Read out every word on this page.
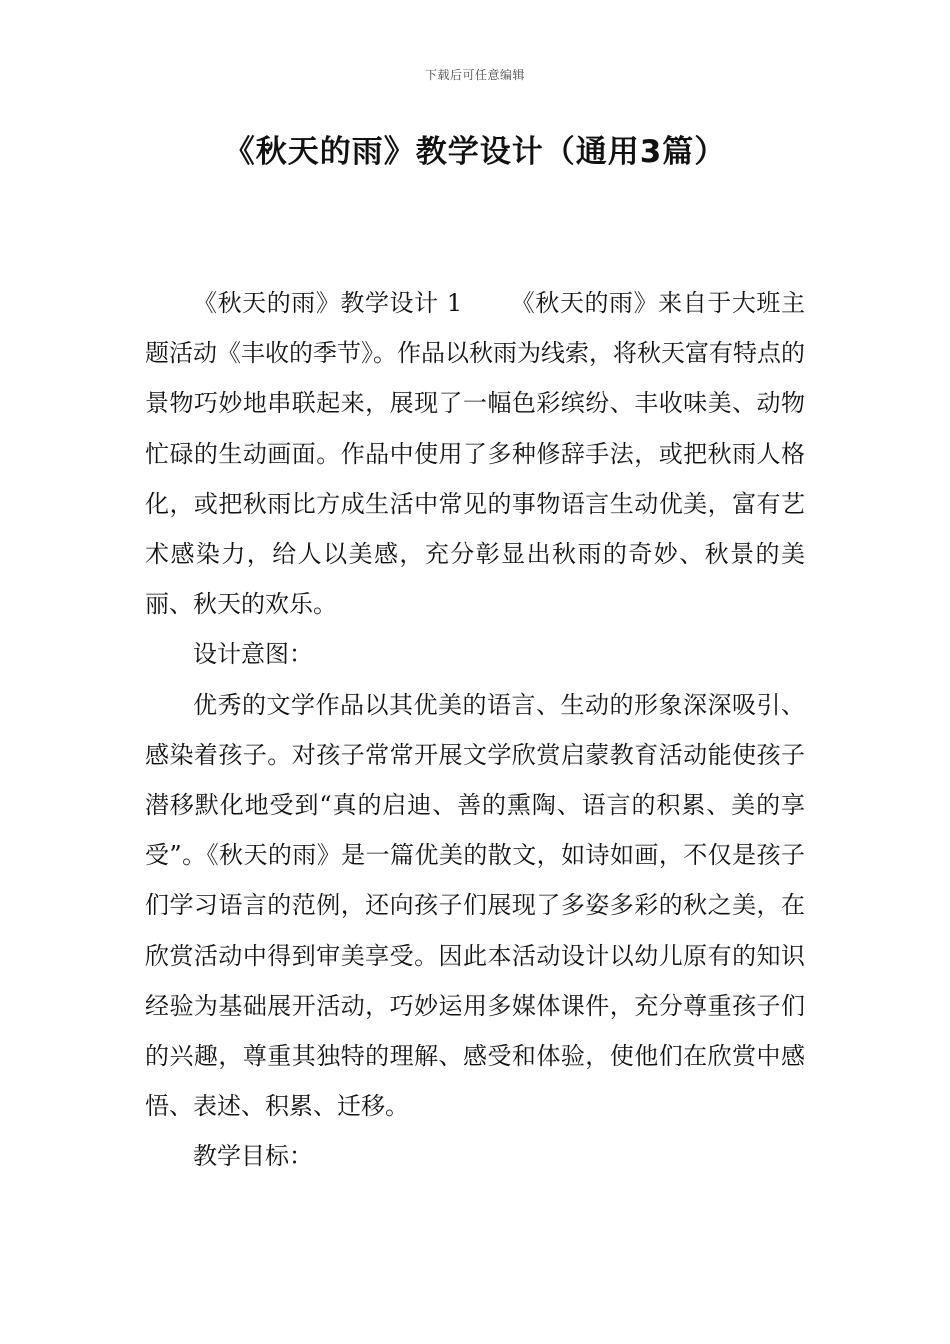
下载后可任意编辑
《秋天的雨》教学设计（通用3篇）

《秋天的雨》教学设计 1 《秋天的雨》来自于大班主题活动《丰收的季节》。作品以秋雨为线索，将秋天富有特点的景物巧妙地串联起来，展现了一幅色彩缤纷、丰收味美、动物忙碌的生动画面。作品中使用了多种修辞手法，或把秋雨人格化，或把秋雨比方成生活中常见的事物语言生动优美，富有艺术感染力，给人以美感，充分彰显出秋雨的奇妙、秋景的美丽、秋天的欢乐。

设计意图：

优秀的文学作品以其优美的语言、生动的形象深深吸引、感染着孩子。对孩子常常开展文学欣赏启蒙教育活动能使孩子潜移默化地受到“真的启迪、善的熏陶、语言的积累、美的享受”。《秋天的雨》是一篇优美的散文，如诗如画，不仅是孩子们学习语言的范例，还向孩子们展现了多姿多彩的秋之美，在欣赏活动中得到审美享受。因此本活动设计以幼儿原有的知识经验为基础展开活动，巧妙运用多媒体课件，充分尊重孩子们的兴趣，尊重其独特的理解、感受和体验，使他们在欣赏中感悟、表述、积累、迁移。

教学目标：
